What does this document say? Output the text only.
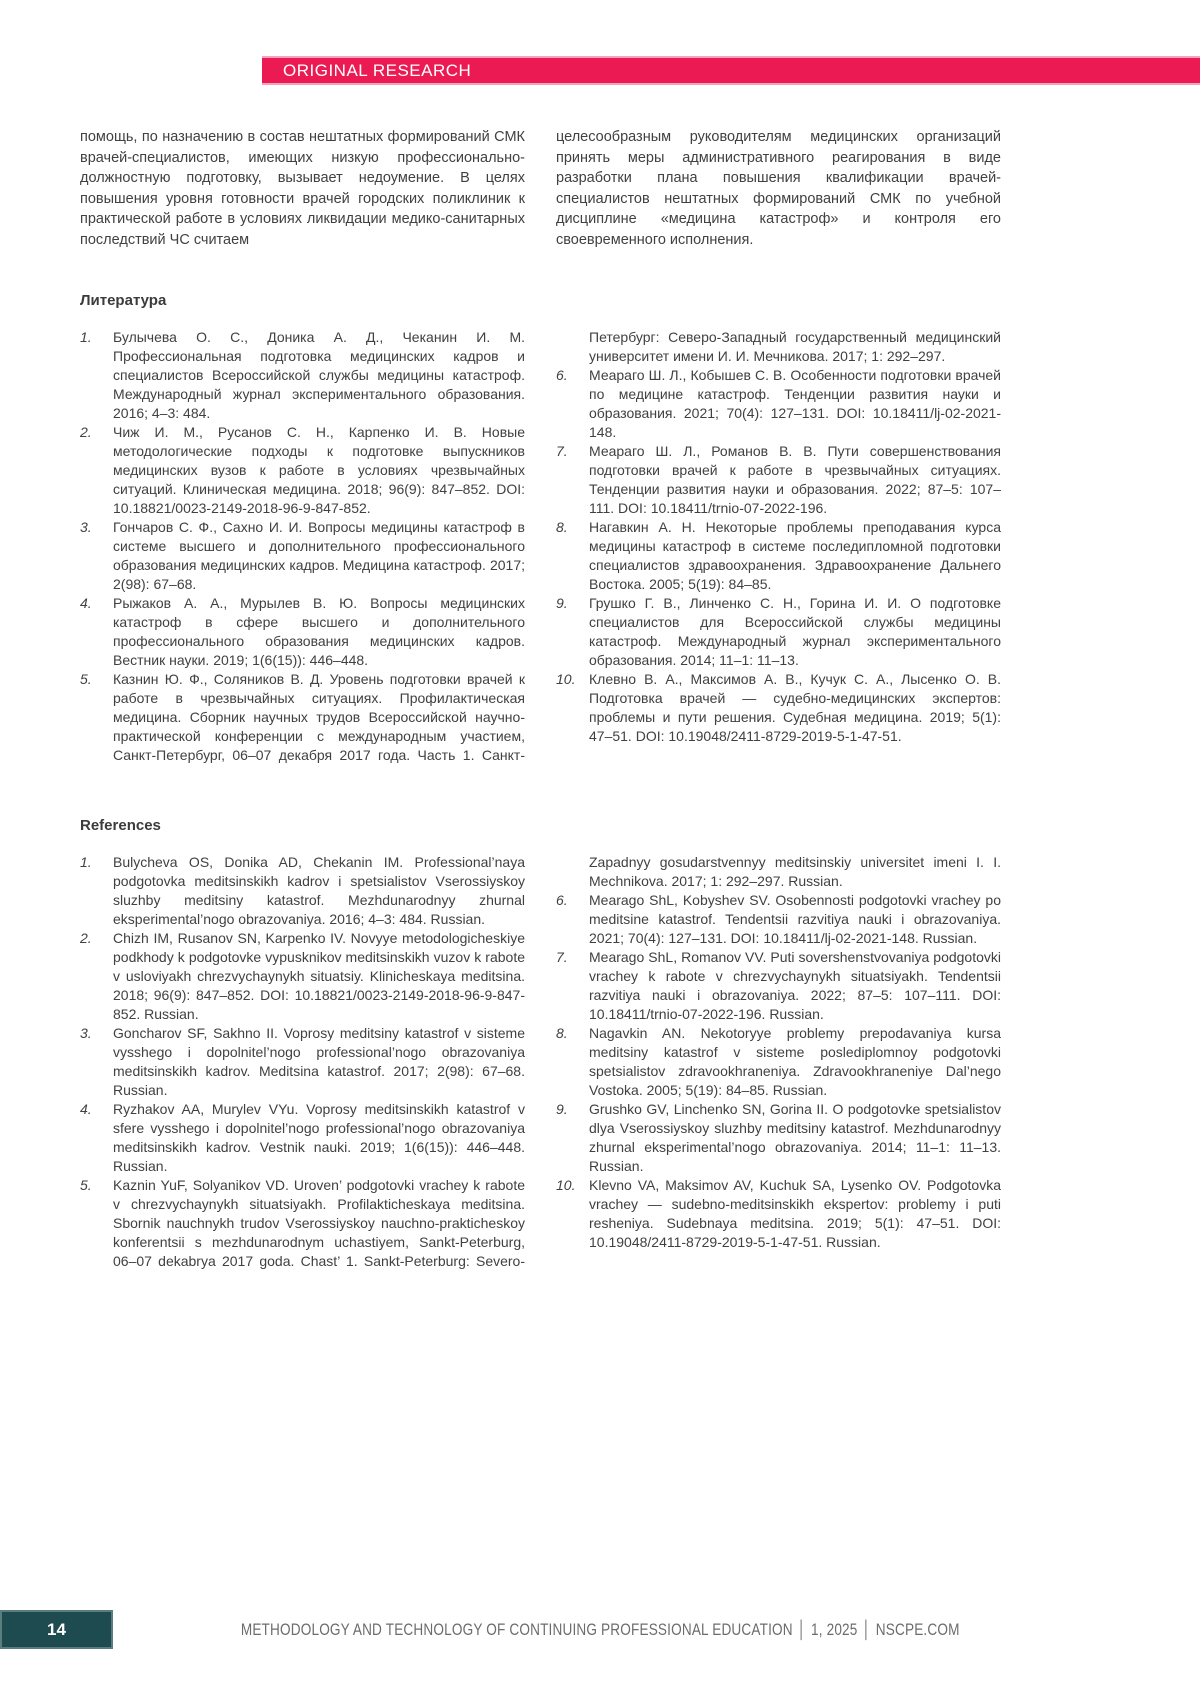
ORIGINAL RESEARCH
помощь, по назначению в состав нештатных формирований СМК врачей-специалистов, имеющих низкую профессионально-должностную подготовку, вызывает недоумение. В целях повышения уровня готовности врачей городских поликлиник к практической работе в условиях ликвидации медико-санитарных последствий ЧС считаем
целесообразным руководителям медицинских организаций принять меры административного реагирования в виде разработки плана повышения квалификации врачей-специалистов нештатных формирований СМК по учебной дисциплине «медицина катастроф» и контроля его своевременного исполнения.
Литература
1. Булычева О. С., Доника А. Д., Чеканин И. М. Профессиональная подготовка медицинских кадров и специалистов Всероссийской службы медицины катастроф. Международный журнал экспериментального образования. 2016; 4–3: 484.
2. Чиж И. М., Русанов С. Н., Карпенко И. В. Новые методологические подходы к подготовке выпускников медицинских вузов к работе в условиях чрезвычайных ситуаций. Клиническая медицина. 2018; 96(9): 847–852. DOI: 10.18821/0023-2149-2018-96-9-847-852.
3. Гончаров С. Ф., Сахно И. И. Вопросы медицины катастроф в системе высшего и дополнительного профессионального образования медицинских кадров. Медицина катастроф. 2017; 2(98): 67–68.
4. Рыжаков А. А., Мурылев В. Ю. Вопросы медицинских катастроф в сфере высшего и дополнительного профессионального образования медицинских кадров. Вестник науки. 2019; 1(6(15)): 446–448.
5. Казнин Ю. Ф., Соляников В. Д. Уровень подготовки врачей к работе в чрезвычайных ситуациях. Профилактическая медицина. Сборник научных трудов Всероссийской научно-практической конференции с международным участием, Санкт-Петербург, 06–07 декабря 2017 года. Часть 1. Санкт-Петербург: Северо-Западный государственный медицинский университет имени И. И. Мечникова. 2017; 1: 292–297.
6. Меараго Ш. Л., Кобышев С. В. Особенности подготовки врачей по медицине катастроф. Тенденции развития науки и образования. 2021; 70(4): 127–131. DOI: 10.18411/lj-02-2021-148.
7. Меараго Ш. Л., Романов В. В. Пути совершенствования подготовки врачей к работе в чрезвычайных ситуациях. Тенденции развития науки и образования. 2022; 87–5: 107–111. DOI: 10.18411/trnio-07-2022-196.
8. Нагавкин А. Н. Некоторые проблемы преподавания курса медицины катастроф в системе последипломной подготовки специалистов здравоохранения. Здравоохранение Дальнего Востока. 2005; 5(19): 84–85.
9. Грушко Г. В., Линченко С. Н., Горина И. И. О подготовке специалистов для Всероссийской службы медицины катастроф. Международный журнал экспериментального образования. 2014; 11–1: 11–13.
10. Клевно В. А., Максимов А. В., Кучук С. А., Лысенко О. В. Подготовка врачей — судебно-медицинских экспертов: проблемы и пути решения. Судебная медицина. 2019; 5(1): 47–51. DOI: 10.19048/2411-8729-2019-5-1-47-51.
References
1. Bulycheva OS, Donika AD, Chekanin IM. Professional’naya podgotovka meditsinskikh kadrov i spetsialistov Vserossiyskoy sluzhby meditsiny katastrof. Mezhdunarodnyy zhurnal eksperimental’nogo obrazovaniya. 2016; 4–3: 484. Russian.
2. Chizh IM, Rusanov SN, Karpenko IV. Novyye metodologicheskiye podkhody k podgotovke vypusknikov meditsinskikh vuzov k rabote v usloviyakh chrezvychaynykh situatsiy. Klinicheskaya meditsina. 2018; 96(9): 847–852. DOI: 10.18821/0023-2149-2018-96-9-847-852. Russian.
3. Goncharov SF, Sakhno II. Voprosy meditsiny katastrof v sisteme vysshego i dopolnitel’nogo professional’nogo obrazovaniya meditsinskikh kadrov. Meditsina katastrof. 2017; 2(98): 67–68. Russian.
4. Ryzhakov AA, Murylev VYu. Voprosy meditsinskikh katastrof v sfere vysshego i dopolnitel’nogo professional’nogo obrazovaniya meditsinskikh kadrov. Vestnik nauki. 2019; 1(6(15)): 446–448. Russian.
5. Kaznin YuF, Solyanikov VD. Uroven’ podgotovki vrachey k rabote v chrezvychaynykh situatsiyakh. Profilakticheskaya meditsina. Sbornik nauchnykh trudov Vserossiyskoy nauchno-prakticheskoy konferentsii s mezhdunarodnym uchastiyem, Sankt-Peterburg, 06–07 dekabrya 2017 goda. Chast’ 1. Sankt-Peterburg: Severo-Zapadnyy gosudarstvennyy meditsinskiy universitet imeni I. I. Mechnikova. 2017; 1: 292–297. Russian.
6. Mearago ShL, Kobyshev SV. Osobennosti podgotovki vrachey po meditsine katastrof. Tendentsii razvitiya nauki i obrazovaniya. 2021; 70(4): 127–131. DOI: 10.18411/lj-02-2021-148. Russian.
7. Mearago ShL, Romanov VV. Puti sovershenstvovaniya podgotovki vrachey k rabote v chrezvychaynykh situatsiyakh. Tendentsii razvitiya nauki i obrazovaniya. 2022; 87–5: 107–111. DOI: 10.18411/trnio-07-2022-196. Russian.
8. Nagavkin AN. Nekotoryye problemy prepodavaniya kursa meditsiny katastrof v sisteme poslediplomnoy podgotovki spetsialistov zdravookhraneniya. Zdravookhraneniye Dal’nego Vostoka. 2005; 5(19): 84–85. Russian.
9. Grushko GV, Linchenko SN, Gorina II. O podgotovke spetsialistov dlya Vserossiyskoy sluzhby meditsiny katastrof. Mezhdunarodnyy zhurnal eksperimental’nogo obrazovaniya. 2014; 11–1: 11–13. Russian.
10. Klevno VA, Maksimov AV, Kuchuk SA, Lysenko OV. Podgotovka vrachey — sudebno-meditsinskikh ekspertov: problemy i puti resheniya. Sudebnaya meditsina. 2019; 5(1): 47–51. DOI: 10.19048/2411-8729-2019-5-1-47-51. Russian.
14	METHODOLOGY AND TECHNOLOGY OF CONTINUING PROFESSIONAL EDUCATION │ 1, 2025 │ NSCPE.COM
